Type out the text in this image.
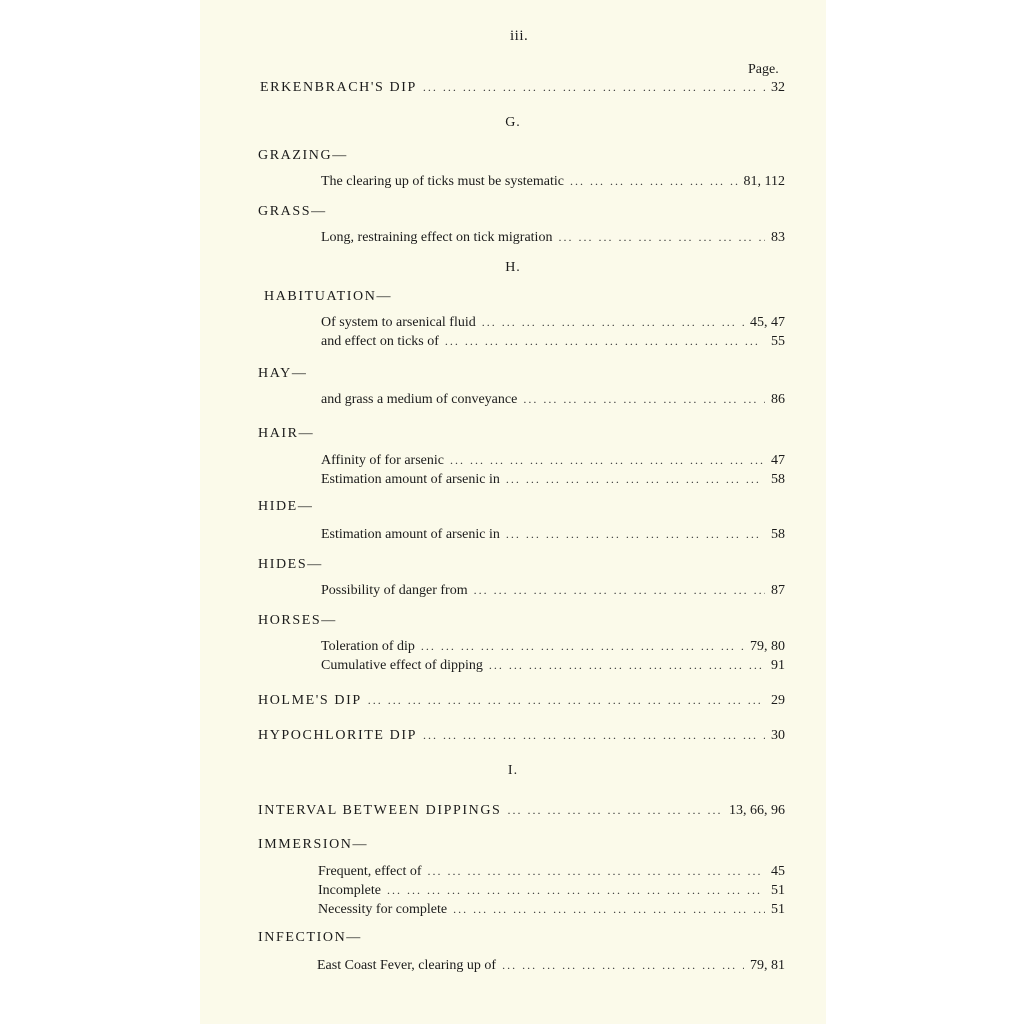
iii.
Page.
ERKENBRACH'S DIP ... .	32
G.
GRAZING—
The clearing up of ticks must be systematic ... .	81, 112
GRASS—
Long, restraining effect on tick migration ... .	83
H.
HABITUATION—
Of system to arsenical fluid ... .	45, 47
and effect on ticks of ... .	55
HAY—
and grass a medium of conveyance ... .	86
HAIR—
Affinity of for arsenic ... .	47
Estimation amount of arsenic in ... .	58
HIDE—
Estimation amount of arsenic in ... .	58
HIDES—
Possibility of danger from ... .	87
HORSES—
Toleration of dip ... .	79, 80
Cumulative effect of dipping ... .	91
HOLME'S DIP ... .	29
HYPOCHLORITE DIP ... .	30
I.
INTERVAL BETWEEN DIPPINGS ... .	13, 66, 96
IMMERSION—
Frequent, effect of ... .	45
Incomplete ... .	51
Necessity for complete ... .	51
INFECTION—
East Coast Fever, clearing up of ... .	79, 81
